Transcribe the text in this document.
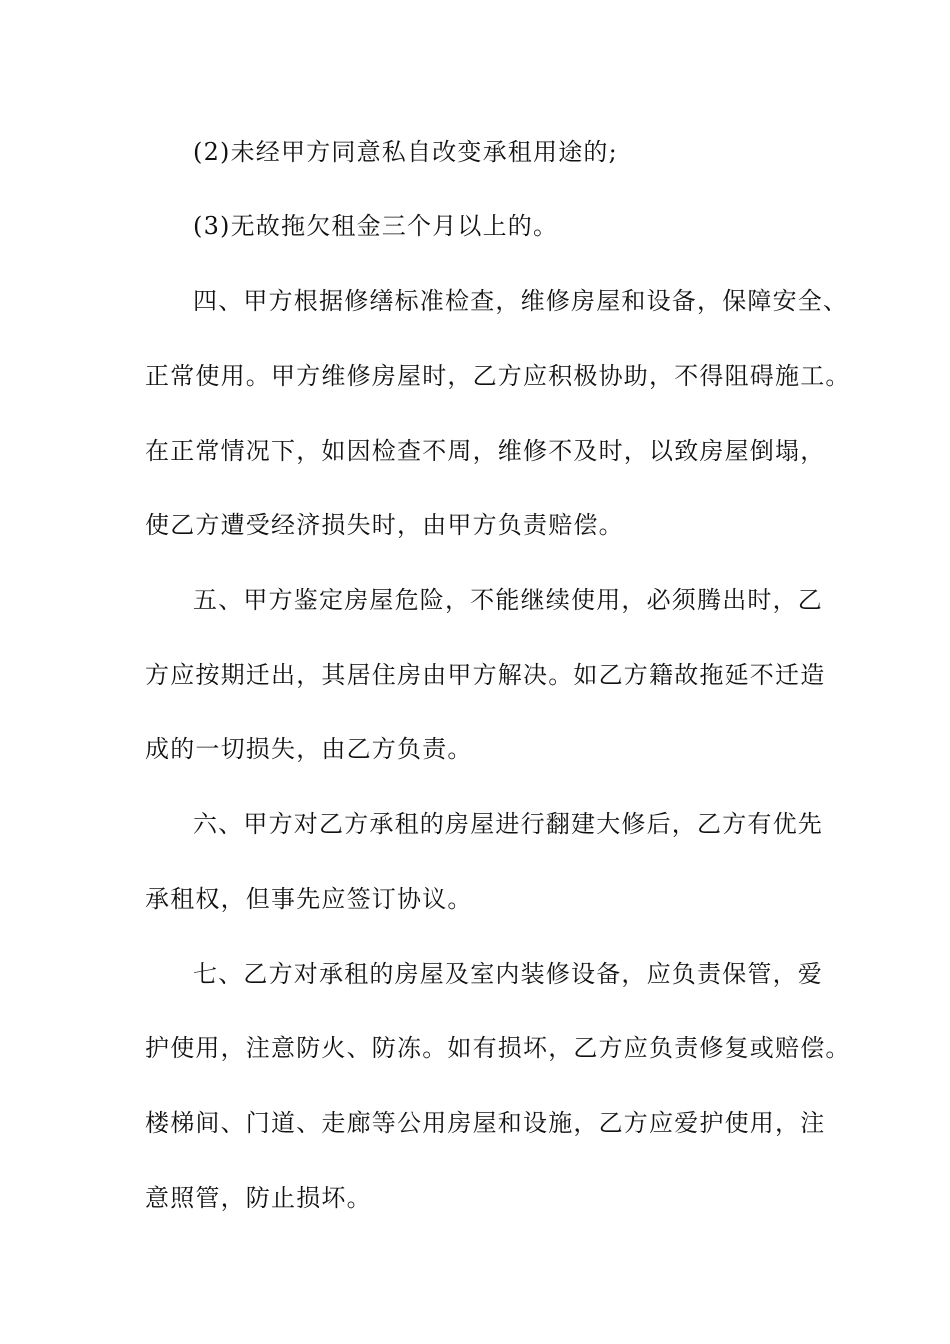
(2)未经甲方同意私自改变承租用途的;
(3)无故拖欠租金三个月以上的。
四、甲方根据修缮标准检查，维修房屋和设备，保障安全、
正常使用。甲方维修房屋时，乙方应积极协助，不得阻碍施工。
在正常情况下，如因检查不周，维修不及时，以致房屋倒塌，
使乙方遭受经济损失时，由甲方负责赔偿。
五、甲方鉴定房屋危险，不能继续使用，必须腾出时，乙
方应按期迁出，其居住房由甲方解决。如乙方籍故拖延不迁造
成的一切损失，由乙方负责。
六、甲方对乙方承租的房屋进行翻建大修后，乙方有优先
承租权，但事先应签订协议。
七、乙方对承租的房屋及室内装修设备，应负责保管，爱
护使用，注意防火、防冻。如有损坏，乙方应负责修复或赔偿。
楼梯间、门道、走廊等公用房屋和设施，乙方应爱护使用，注
意照管，防止损坏。
